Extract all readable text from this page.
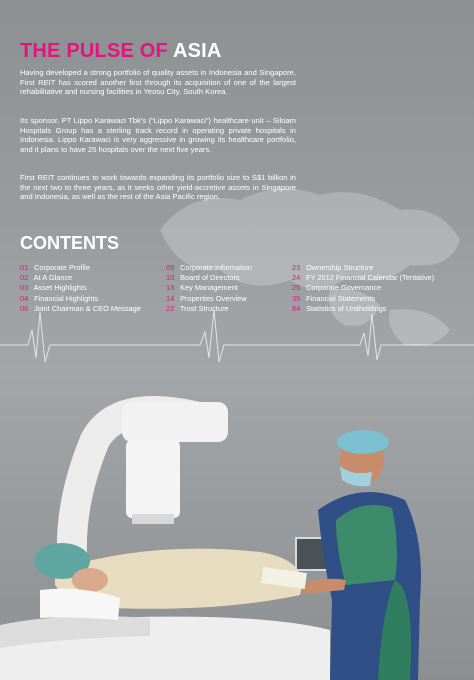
THE PULSE OF ASIA

Having developed a strong portfolio of quality assets in Indonesia and Singapore, First REIT has scored another first through its acquisition of one of the largest rehabilitative and nursing facilities in Yeosu City, South Korea.

Its sponsor, PT Lippo Karawaci Tbk's (“Lippo Karawaci”) healthcare unit – Siloam Hospitals Group has a sterling track record in operating private hospitals in Indonesia. Lippo Karawaci is very aggressive in growing its healthcare portfolio, and it plans to have 25 hospitals over the next five years.

First REIT continues to work towards expanding its portfolio size to S$1 billion in the next two to three years, as it seeks other yield-accretive assets in Singapore and Indonesia, as well as the rest of the Asia Pacific region.

CONTENTS
01 Corporate Profile
02 At A Glance
03 Asset Highlights
04 Financial Highlights
06 Joint Chairman & CEO Message
09 Corporate Information
10 Board of Directors
13 Key Management
14 Properties Overview
22 Trust Structure
23 Ownership Structure
24 FY 2012 Financial Calendar (Tentative)
25 Corporate Governance
35 Financial Statements
84 Statistics of Unitholdings
